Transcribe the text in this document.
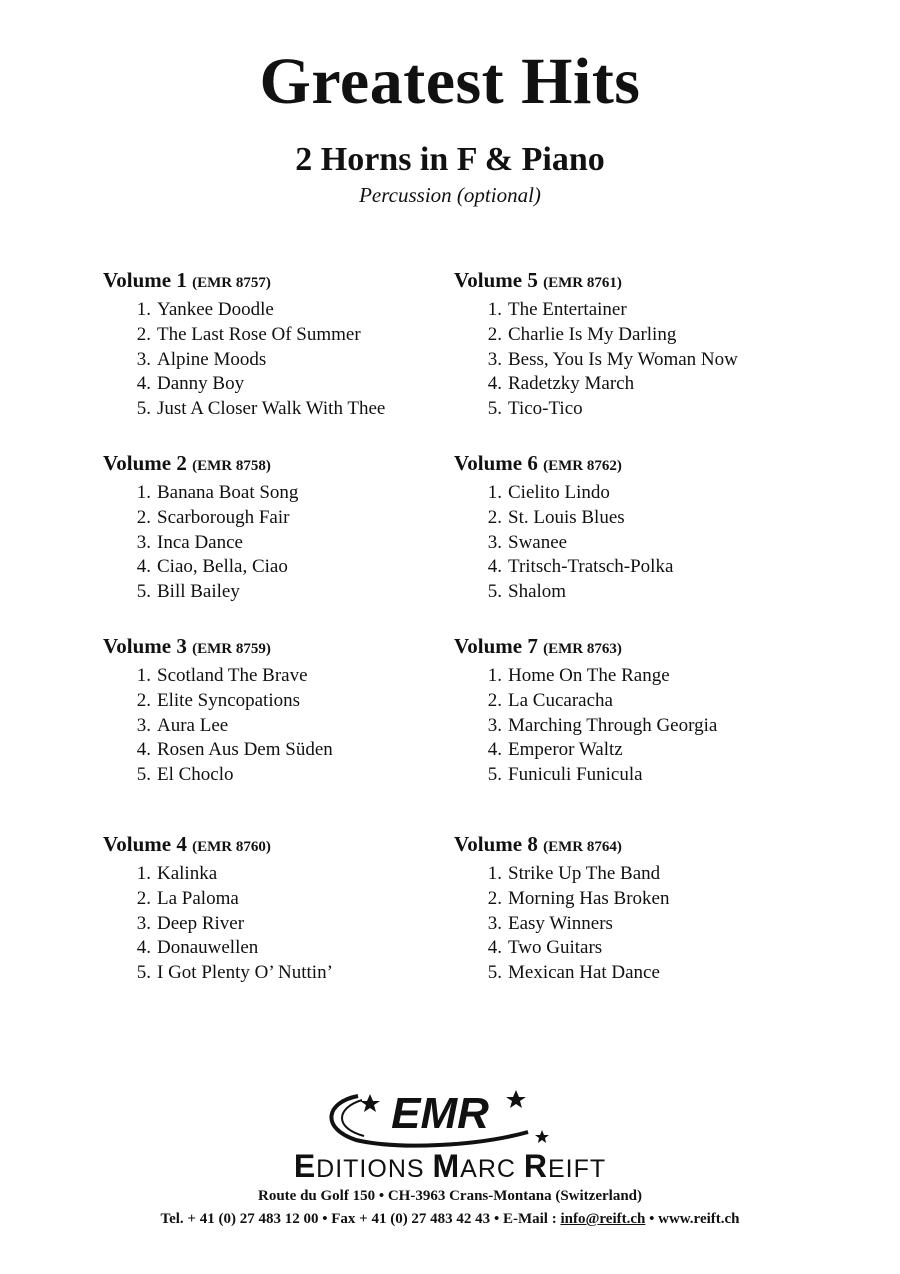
Greatest Hits
2 Horns in F & Piano
Percussion (optional)
Volume 1 (EMR 8757)
1. Yankee Doodle
2. The Last Rose Of Summer
3. Alpine Moods
4. Danny Boy
5. Just A Closer Walk With Thee
Volume 2 (EMR 8758)
1. Banana Boat Song
2. Scarborough Fair
3. Inca Dance
4. Ciao, Bella, Ciao
5. Bill Bailey
Volume 3 (EMR 8759)
1. Scotland The Brave
2. Elite Syncopations
3. Aura Lee
4. Rosen Aus Dem Süden
5. El Choclo
Volume 4 (EMR 8760)
1. Kalinka
2. La Paloma
3. Deep River
4. Donauwellen
5. I Got Plenty O’ Nuttin’
Volume 5 (EMR 8761)
1. The Entertainer
2. Charlie Is My Darling
3. Bess, You Is My Woman Now
4. Radetzky March
5. Tico-Tico
Volume 6 (EMR 8762)
1. Cielito Lindo
2. St. Louis Blues
3. Swanee
4. Tritsch-Tratsch-Polka
5. Shalom
Volume 7 (EMR 8763)
1. Home On The Range
2. La Cucaracha
3. Marching Through Georgia
4. Emperor Waltz
5. Funiculi Funicula
Volume 8 (EMR 8764)
1. Strike Up The Band
2. Morning Has Broken
3. Easy Winners
4. Two Guitars
5. Mexican Hat Dance
EMR
EDITIONS MARC REIFT
Route du Golf 150 • CH-3963 Crans-Montana (Switzerland)
Tel. + 41 (0) 27 483 12 00 • Fax + 41 (0) 27 483 42 43 • E-Mail : info@reift.ch • www.reift.ch
